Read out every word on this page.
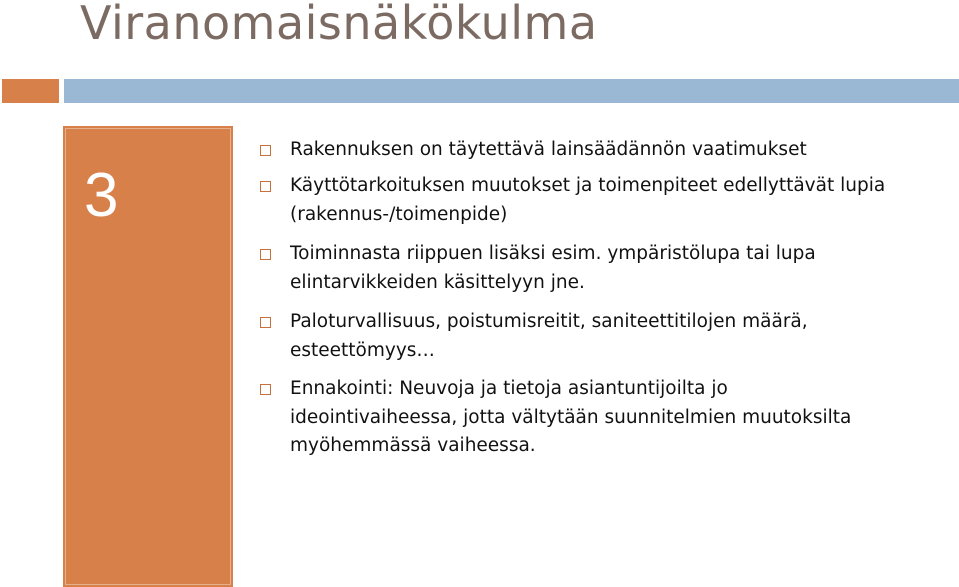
Viranomaisnäkökulma
3
Rakennuksen on täytettävä lainsäädännön vaatimukset
Käyttötarkoituksen muutokset ja toimenpiteet edellyttävät lupia
(rakennus-/toimenpide)
Toiminnasta riippuen lisäksi esim. ympäristölupa tai lupa
elintarvikkeiden käsittelyyn jne.
Paloturvallisuus, poistumisreitit, saniteettitilojen määrä,
esteettömyys…
Ennakointi: Neuvoja ja tietoja asiantuntijoilta jo
ideointivaiheessa, jotta vältytään suunnitelmien muutoksilta
myöhemmässä vaiheessa.
